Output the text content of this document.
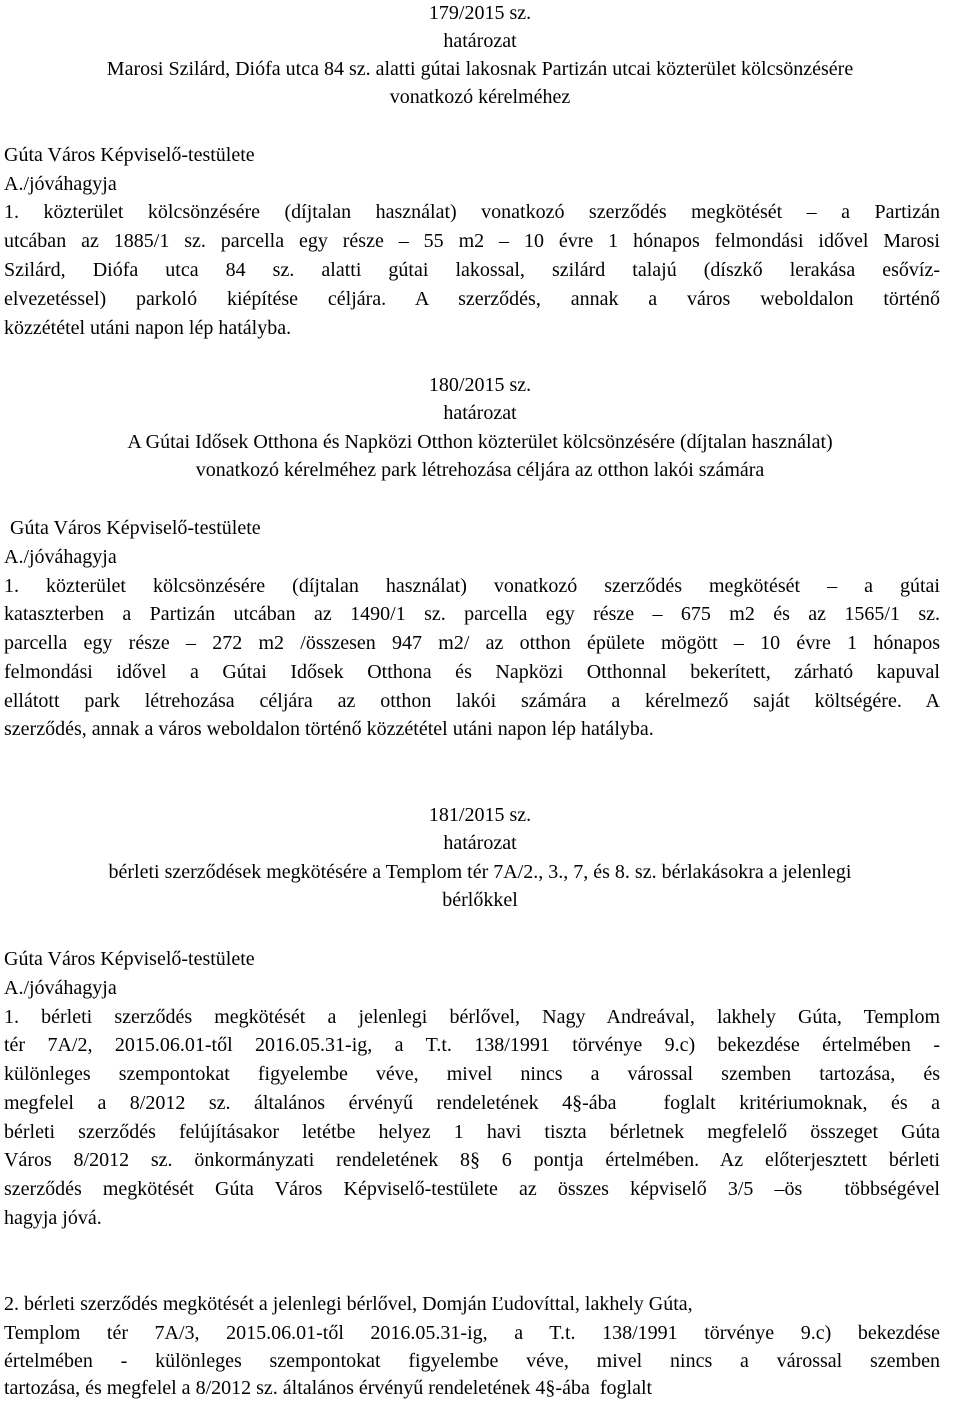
179/2015 sz.
határozat
Marosi Szilárd, Diófa utca 84 sz. alatti gútai lakosnak Partizán utcai közterület kölcsönzésére
vonatkozó kérelméhez
Gúta Város Képviselő-testülete
A./jóváhagyja
1. közterület kölcsönzésére (díjtalan használat) vonatkozó szerződés megkötését – a Partizán
utcában az 1885/1 sz. parcella egy része – 55 m2 – 10 évre 1 hónapos felmondási idővel Marosi
Szilárd, Diófa utca 84 sz. alatti gútai lakossal, szilárd talajú (díszkő lerakása esővíz-
elvezetéssel) parkoló kiépítése céljára. A szerződés, annak a város weboldalon történő
közzététel utáni napon lép hatályba.
180/2015 sz.
határozat
A Gútai Idősek Otthona és Napközi Otthon közterület kölcsönzésére (díjtalan használat)
vonatkozó kérelméhez park létrehozása céljára az otthon lakói számára
Gúta Város Képviselő-testülete
A./jóváhagyja
1. közterület kölcsönzésére (díjtalan használat) vonatkozó szerződés megkötését – a gútai
kataszterben a Partizán utcában az 1490/1 sz. parcella egy része – 675 m2 és az 1565/1 sz.
parcella egy része – 272 m2 /összesen 947 m2/ az otthon épülete mögött – 10 évre 1 hónapos
felmondási idővel a Gútai Idősek Otthona és Napközi Otthonnal bekerített, zárható kapuval
ellátott park létrehozása céljára az otthon lakói számára a kérelmező saját költségére. A
szerződés, annak a város weboldalon történő közzététel utáni napon lép hatályba.
181/2015 sz.
határozat
bérleti szerződések megkötésére a Templom tér 7A/2., 3., 7, és 8. sz. bérlakásokra a jelenlegi
bérlőkkel
Gúta Város Képviselő-testülete
A./jóváhagyja
1. bérleti szerződés megkötését a jelenlegi bérlővel, Nagy Andreával, lakhely Gúta, Templom
tér 7A/2, 2015.06.01-től 2016.05.31-ig, a T.t. 138/1991 törvénye 9.c) bekezdése értelmében -
különleges szempontokat figyelembe véve, mivel nincs a várossal szemben tartozása, és
megfelel a 8/2012 sz. általános érvényű rendeletének 4§-ába  foglalt kritériumoknak, és a
bérleti szerződés felújításakor letétbe helyez 1 havi tiszta bérletnek megfelelő összeget Gúta
Város 8/2012 sz. önkormányzati rendeletének 8§ 6 pontja értelmében. Az előterjesztett bérleti
szerződés megkötését Gúta Város Képviselő-testülete az összes képviselő 3/5 –ös  többségével
hagyja jóvá.
2. bérleti szerződés megkötését a jelenlegi bérlővel, Domján Ľudovíttal, lakhely Gúta,
Templom tér 7A/3, 2015.06.01-től 2016.05.31-ig, a T.t. 138/1991 törvénye 9.c) bekezdése
értelmében - különleges szempontokat figyelembe véve, mivel nincs a várossal szemben
tartozása, és megfelel a 8/2012 sz. általános érvényű rendeletének 4§-ába  foglalt
